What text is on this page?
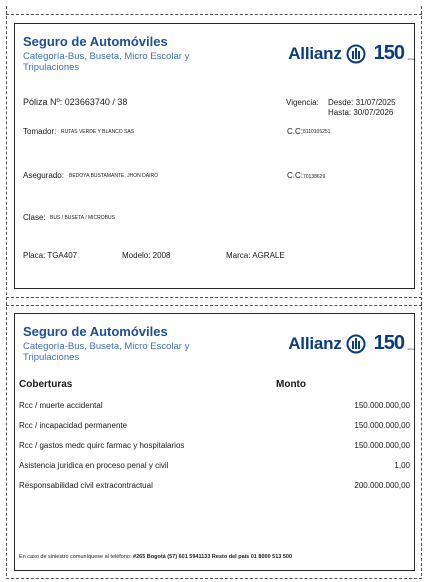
Seguro de Automóviles
Categoría-Bus, Buseta, Micro Escolar y Tripulaciones
Allianz 150 años
Póliza Nº: 023663740 / 38	Vigencia: Desde: 31/07/2025
Hasta: 30/07/2026
Tomador: RUTAS VERDE Y BLANCO SAS	C.C: 8110105251
Asegurado: BEDOYA BUSTAMANTE, JHON DAIRO	C.C: 70138629
Clase: BUS / BUSETA / MICROBUS
Placa: TGA407	Modelo: 2008	Marca: AGRALE
Seguro de Automóviles
Categoría-Bus, Buseta, Micro Escolar y Tripulaciones
Allianz 150 años
Coberturas	Monto
Rcc / muerte accidental	150.000.000,00
Rcc / incapacidad permanente	150.000.000,00
Rcc / gastos medc quirc farmac y hospitalarios	150.000.000,00
Asistencia juridica en proceso penal y civil	1,00
Responsabilidad civil extracontractual	200.000.000,00
En caso de siniestro comuníquese al teléfono: #265 Bogotá (57) 601 5941133 Resto del país 01 8000 513 500
